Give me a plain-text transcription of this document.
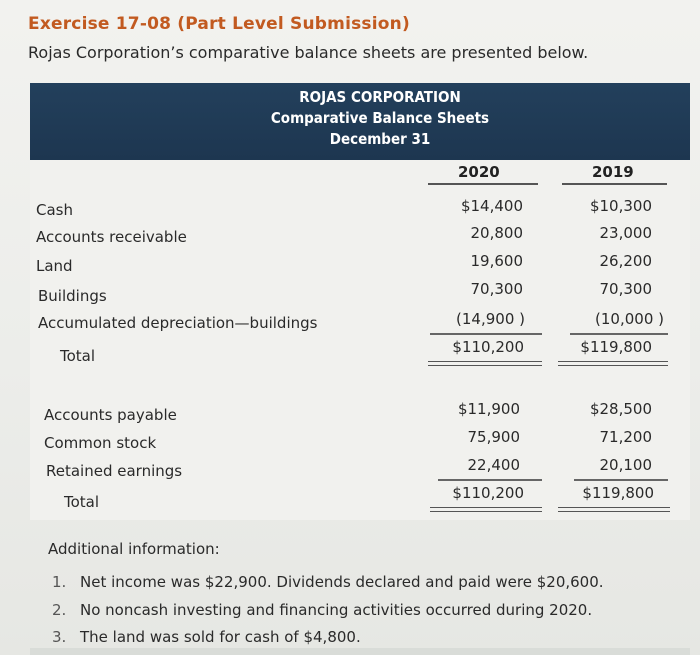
Exercise 17-08 (Part Level Submission)
Rojas Corporation’s comparative balance sheets are presented below.
ROJAS CORPORATION
Comparative Balance Sheets
December 31
2020	2019
Cash	$14,400	$10,300
Accounts receivable	20,800	23,000
Land	19,600	26,200
Buildings	70,300	70,300
Accumulated depreciation—buildings	(14,900 )	(10,000 )
Total	$110,200	$119,800
Accounts payable	$11,900	$28,500
Common stock	75,900	71,200
Retained earnings	22,400	20,100
Total	$110,200	$119,800
Additional information:
1. Net income was $22,900. Dividends declared and paid were $20,600.
2. No noncash investing and financing activities occurred during 2020.
3. The land was sold for cash of $4,800.
